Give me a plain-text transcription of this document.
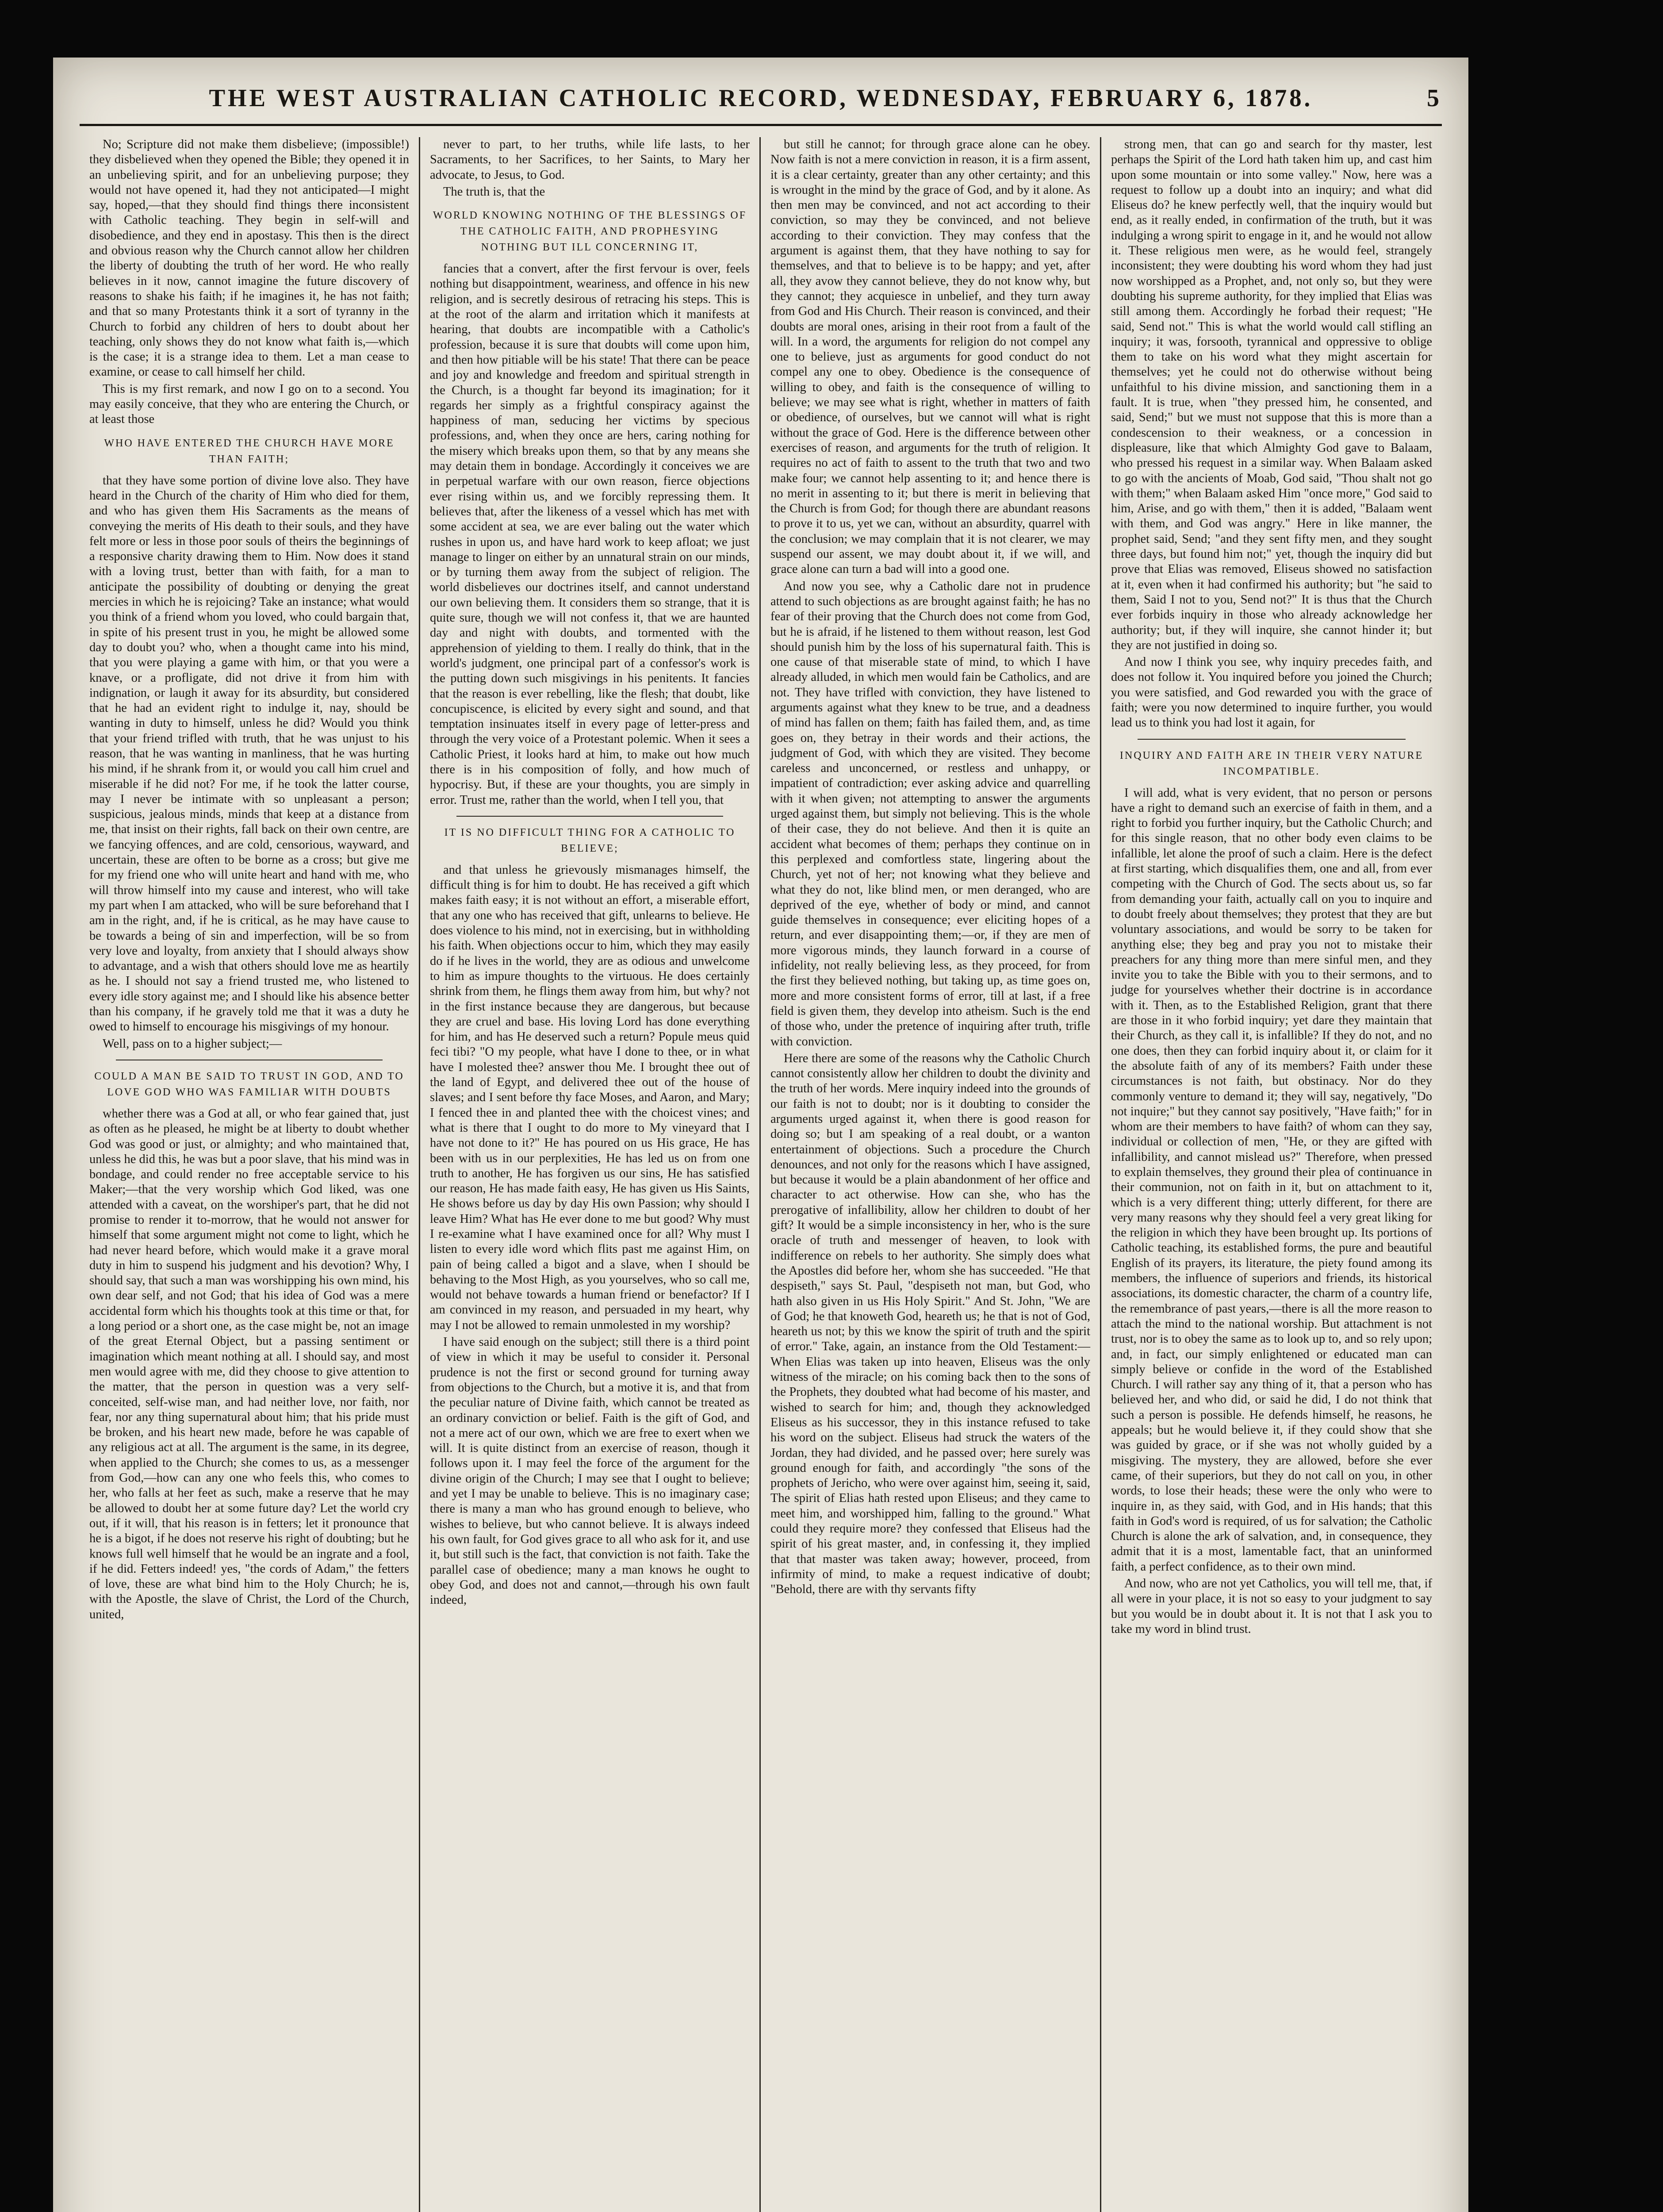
THE WEST AUSTRALIAN CATHOLIC RECORD, WEDNESDAY, FEBRUARY 6, 1878.	5

No; Scripture did not make them disbelieve; (impossible!) they disbelieved when they opened the Bible; they opened it in an unbelieving spirit, and for an unbelieving purpose; they would not have opened it, had they not anticipated—I might say, hoped,—that they should find things there inconsistent with Catholic teaching. They begin in self-will and disobedience, and they end in apostasy. This then is the direct and obvious reason why the Church cannot allow her children the liberty of doubting the truth of her word. He who really believes in it now, cannot imagine the future discovery of reasons to shake his faith; if he imagines it, he has not faith; and that so many Protestants think it a sort of tyranny in the Church to forbid any children of hers to doubt about her teaching, only shows they do not know what faith is,—which is the case; it is a strange idea to them. Let a man cease to examine, or cease to call himself her child.

This is my first remark, and now I go on to a second. You may easily conceive, that they who are entering the Church, or at least those

WHO HAVE ENTERED THE CHURCH HAVE MORE THAN FAITH;

that they have some portion of divine love also. They have heard in the Church of the charity of Him who died for them, and who has given them His Sacraments as the means of conveying the merits of His death to their souls, and they have felt more or less in those poor souls of theirs the beginnings of a responsive charity drawing them to Him. Now does it stand with a loving trust, better than with faith, for a man to anticipate the possibility of doubting or denying the great mercies in which he is rejoicing? Take an instance; what would you think of a friend whom you loved, who could bargain that, in spite of his present trust in you, he might be allowed some day to doubt you? who, when a thought came into his mind, that you were playing a game with him, or that you were a knave, or a profligate, did not drive it from him with indignation, or laugh it away for its absurdity, but considered that he had an evident right to indulge it, nay, should be wanting in duty to himself, unless he did? Would you think that your friend trifled with truth, that he was unjust to his reason, that he was wanting in manliness, that he was hurting his mind, if he shrank from it, or would you call him cruel and miserable if he did not? For me, if he took the latter course, may I never be intimate with so unpleasant a person; suspicious, jealous minds, minds that keep at a distance from me, that insist on their rights, fall back on their own centre, are we fancying offences, and are cold, censorious, wayward, and uncertain, these are often to be borne as a cross; but give me for my friend one who will unite heart and hand with me, who will throw himself into my cause and interest, who will take my part when I am attacked, who will be sure beforehand that I am in the right, and, if he is critical, as he may have cause to be towards a being of sin and imperfection, will be so from very love and loyalty, from anxiety that I should always show to advantage, and a wish that others should love me as heartily as he. I should not say a friend trusted me, who listened to every idle story against me; and I should like his absence better than his company, if he gravely told me that it was a duty he owed to himself to encourage his misgivings of my honour.

Well, pass on to a higher subject;—

COULD A MAN BE SAID TO TRUST IN GOD, AND TO LOVE GOD WHO WAS FAMILIAR WITH DOUBTS

whether there was a God at all, or who fear gained that, just as often as he pleased, he might be at liberty to doubt whether God was good or just, or almighty; and who maintained that, unless he did this, he was but a poor slave, that his mind was in bondage, and could render no free acceptable service to his Maker;—that the very worship which God liked, was one attended with a caveat, on the worshiper's part, that he did not promise to render it to-morrow, that he would not answer for himself that some argument might not come to light, which he had never heard before, which would make it a grave moral duty in him to suspend his judgment and his devotion? Why, I should say, that such a man was worshipping his own mind, his own dear self, and not God; that his idea of God was a mere accidental form which his thoughts took at this time or that, for a long period or a short one, as the case might be, not an image of the great Eternal Object, but a passing sentiment or imagination which meant nothing at all. I should say, and most men would agree with me, did they choose to give attention to the matter, that the person in question was a very self-conceited, self-wise man, and had neither love, nor faith, nor fear, nor any thing supernatural about him; that his pride must be broken, and his heart new made, before he was capable of any religious act at all. The argument is the same, in its degree, when applied to the Church; she comes to us, as a messenger from God,—how can any one who feels this, who comes to her, who falls at her feet as such, make a reserve that he may be allowed to doubt her at some future day? Let the world cry out, if it will, that his reason is in fetters; let it pronounce that he is a bigot, if he does not reserve his right of doubting; but he knows full well himself that he would be an ingrate and a fool, if he did. Fetters indeed! yes, "the cords of Adam," the fetters of love, these are what bind him to the Holy Church; he is, with the Apostle, the slave of Christ, the Lord of the Church, united,

never to part, to her truths, while life lasts, to her Sacraments, to her Sacrifices, to her Saints, to Mary her advocate, to Jesus, to God.

The truth is, that the

WORLD KNOWING NOTHING OF THE BLESSINGS OF THE CATHOLIC FAITH, AND PROPHESYING NOTHING BUT ILL CONCERNING IT,

fancies that a convert, after the first fervour is over, feels nothing but disappointment, weariness, and offence in his new religion, and is secretly desirous of retracing his steps. This is at the root of the alarm and irritation which it manifests at hearing, that doubts are incompatible with a Catholic's profession, because it is sure that doubts will come upon him, and then how pitiable will be his state! That there can be peace and joy and knowledge and freedom and spiritual strength in the Church, is a thought far beyond its imagination; for it regards her simply as a frightful conspiracy against the happiness of man, seducing her victims by specious professions, and, when they once are hers, caring nothing for the misery which breaks upon them, so that by any means she may detain them in bondage. Accordingly it conceives we are in perpetual warfare with our own reason, fierce objections ever rising within us, and we forcibly repressing them. It believes that, after the likeness of a vessel which has met with some accident at sea, we are ever baling out the water which rushes in upon us, and have hard work to keep afloat; we just manage to linger on either by an unnatural strain on our minds, or by turning them away from the subject of religion. The world disbelieves our doctrines itself, and cannot understand our own believing them. It considers them so strange, that it is quite sure, though we will not confess it, that we are haunted day and night with doubts, and tormented with the apprehension of yielding to them. I really do think, that in the world's judgment, one principal part of a confessor's work is the putting down such misgivings in his penitents. It fancies that the reason is ever rebelling, like the flesh; that doubt, like concupiscence, is elicited by every sight and sound, and that temptation insinuates itself in every page of letter-press and through the very voice of a Protestant polemic. When it sees a Catholic Priest, it looks hard at him, to make out how much there is in his composition of folly, and how much of hypocrisy. But, if these are your thoughts, you are simply in error. Trust me, rather than the world, when I tell you, that

IT IS NO DIFFICULT THING FOR A CATHOLIC TO BELIEVE;

and that unless he grievously mismanages himself, the difficult thing is for him to doubt. He has received a gift which makes faith easy; it is not without an effort, a miserable effort, that any one who has received that gift, unlearns to believe. He does violence to his mind, not in exercising, but in withholding his faith. When objections occur to him, which they may easily do if he lives in the world, they are as odious and unwelcome to him as impure thoughts to the virtuous. He does certainly shrink from them, he flings them away from him, but why? not in the first instance because they are dangerous, but because they are cruel and base. His loving Lord has done everything for him, and has He deserved such a return? Popule meus quid feci tibi? "O my people, what have I done to thee, or in what have I molested thee? answer thou Me. I brought thee out of the land of Egypt, and delivered thee out of the house of slaves; and I sent before thy face Moses, and Aaron, and Mary; I fenced thee in and planted thee with the choicest vines; and what is there that I ought to do more to My vineyard that I have not done to it?" He has poured on us His grace, He has been with us in our perplexities, He has led us on from one truth to another, He has forgiven us our sins, He has satisfied our reason, He has made faith easy, He has given us His Saints, He shows before us day by day His own Passion; why should I leave Him? What has He ever done to me but good? Why must I re-examine what I have examined once for all? Why must I listen to every idle word which flits past me against Him, on pain of being called a bigot and a slave, when I should be behaving to the Most High, as you yourselves, who so call me, would not behave towards a human friend or benefactor? If I am convinced in my reason, and persuaded in my heart, why may I not be allowed to remain unmolested in my worship?

I have said enough on the subject; still there is a third point of view in which it may be useful to consider it. Personal prudence is not the first or second ground for turning away from objections to the Church, but a motive it is, and that from the peculiar nature of Divine faith, which cannot be treated as an ordinary conviction or belief. Faith is the gift of God, and not a mere act of our own, which we are free to exert when we will. It is quite distinct from an exercise of reason, though it follows upon it. I may feel the force of the argument for the divine origin of the Church; I may see that I ought to believe; and yet I may be unable to believe. This is no imaginary case; there is many a man who has ground enough to believe, who wishes to believe, but who cannot believe. It is always indeed his own fault, for God gives grace to all who ask for it, and use it, but still such is the fact, that conviction is not faith. Take the parallel case of obedience; many a man knows he ought to obey God, and does not and cannot,—through his own fault indeed,

but still he cannot; for through grace alone can he obey. Now faith is not a mere conviction in reason, it is a firm assent, it is a clear certainty, greater than any other certainty; and this is wrought in the mind by the grace of God, and by it alone. As then men may be convinced, and not act according to their conviction, so may they be convinced, and not believe according to their conviction. They may confess that the argument is against them, that they have nothing to say for themselves, and that to believe is to be happy; and yet, after all, they avow they cannot believe, they do not know why, but they cannot; they acquiesce in unbelief, and they turn away from God and His Church. Their reason is convinced, and their doubts are moral ones, arising in their root from a fault of the will. In a word, the arguments for religion do not compel any one to believe, just as arguments for good conduct do not compel any one to obey. Obedience is the consequence of willing to obey, and faith is the consequence of willing to believe; we may see what is right, whether in matters of faith or obedience, of ourselves, but we cannot will what is right without the grace of God. Here is the difference between other exercises of reason, and arguments for the truth of religion. It requires no act of faith to assent to the truth that two and two make four; we cannot help assenting to it; and hence there is no merit in assenting to it; but there is merit in believing that the Church is from God; for though there are abundant reasons to prove it to us, yet we can, without an absurdity, quarrel with the conclusion; we may complain that it is not clearer, we may suspend our assent, we may doubt about it, if we will, and grace alone can turn a bad will into a good one.

And now you see, why a Catholic dare not in prudence attend to such objections as are brought against faith; he has no fear of their proving that the Church does not come from God, but he is afraid, if he listened to them without reason, lest God should punish him by the loss of his supernatural faith. This is one cause of that miserable state of mind, to which I have already alluded, in which men would fain be Catholics, and are not. They have trifled with conviction, they have listened to arguments against what they knew to be true, and a deadness of mind has fallen on them; faith has failed them, and, as time goes on, they betray in their words and their actions, the judgment of God, with which they are visited. They become careless and unconcerned, or restless and unhappy, or impatient of contradiction; ever asking advice and quarrelling with it when given; not attempting to answer the arguments urged against them, but simply not believing. This is the whole of their case, they do not believe. And then it is quite an accident what becomes of them; perhaps they continue on in this perplexed and comfortless state, lingering about the Church, yet not of her; not knowing what they believe and what they do not, like blind men, or men deranged, who are deprived of the eye, whether of body or mind, and cannot guide themselves in consequence; ever eliciting hopes of a return, and ever disappointing them;—or, if they are men of more vigorous minds, they launch forward in a course of infidelity, not really believing less, as they proceed, for from the first they believed nothing, but taking up, as time goes on, more and more consistent forms of error, till at last, if a free field is given them, they develop into atheism. Such is the end of those who, under the pretence of inquiring after truth, trifle with conviction.

Here there are some of the reasons why the Catholic Church cannot consistently allow her children to doubt the divinity and the truth of her words. Mere inquiry indeed into the grounds of our faith is not to doubt; nor is it doubting to consider the arguments urged against it, when there is good reason for doing so; but I am speaking of a real doubt, or a wanton entertainment of objections. Such a procedure the Church denounces, and not only for the reasons which I have assigned, but because it would be a plain abandonment of her office and character to act otherwise. How can she, who has the prerogative of infallibility, allow her children to doubt of her gift? It would be a simple inconsistency in her, who is the sure oracle of truth and messenger of heaven, to look with indifference on rebels to her authority. She simply does what the Apostles did before her, whom she has succeeded. "He that despiseth," says St. Paul, "despiseth not man, but God, who hath also given in us His Holy Spirit." And St. John, "We are of God; he that knoweth God, heareth us; he that is not of God, heareth us not; by this we know the spirit of truth and the spirit of error." Take, again, an instance from the Old Testament:—When Elias was taken up into heaven, Eliseus was the only witness of the miracle; on his coming back then to the sons of the Prophets, they doubted what had become of his master, and wished to search for him; and, though they acknowledged Eliseus as his successor, they in this instance refused to take his word on the subject. Eliseus had struck the waters of the Jordan, they had divided, and he passed over; here surely was ground enough for faith, and accordingly "the sons of the prophets of Jericho, who were over against him, seeing it, said, The spirit of Elias hath rested upon Eliseus; and they came to meet him, and worshipped him, falling to the ground." What could they require more? they confessed that Eliseus had the spirit of his great master, and, in confessing it, they implied that that master was taken away; however, proceed, from infirmity of mind, to make a request indicative of doubt; "Behold, there are with thy servants fifty

strong men, that can go and search for thy master, lest perhaps the Spirit of the Lord hath taken him up, and cast him upon some mountain or into some valley." Now, here was a request to follow up a doubt into an inquiry; and what did Eliseus do? he knew perfectly well, that the inquiry would but end, as it really ended, in confirmation of the truth, but it was indulging a wrong spirit to engage in it, and he would not allow it. These religious men were, as he would feel, strangely inconsistent; they were doubting his word whom they had just now worshipped as a Prophet, and, not only so, but they were doubting his supreme authority, for they implied that Elias was still among them. Accordingly he forbad their request; "He said, Send not." This is what the world would call stifling an inquiry; it was, forsooth, tyrannical and oppressive to oblige them to take on his word what they might ascertain for themselves; yet he could not do otherwise without being unfaithful to his divine mission, and sanctioning them in a fault. It is true, when "they pressed him, he consented, and said, Send;" but we must not suppose that this is more than a condescension to their weakness, or a concession in displeasure, like that which Almighty God gave to Balaam, who pressed his request in a similar way. When Balaam asked to go with the ancients of Moab, God said, "Thou shalt not go with them;" when Balaam asked Him "once more," God said to him, Arise, and go with them," then it is added, "Balaam went with them, and God was angry." Here in like manner, the prophet said, Send; "and they sent fifty men, and they sought three days, but found him not;" yet, though the inquiry did but prove that Elias was removed, Eliseus showed no satisfaction at it, even when it had confirmed his authority; but "he said to them, Said I not to you, Send not?" It is thus that the Church ever forbids inquiry in those who already acknowledge her authority; but, if they will inquire, she cannot hinder it; but they are not justified in doing so.

And now I think you see, why inquiry precedes faith, and does not follow it. You inquired before you joined the Church; you were satisfied, and God rewarded you with the grace of faith; were you now determined to inquire further, you would lead us to think you had lost it again, for

INQUIRY AND FAITH ARE IN THEIR VERY NATURE INCOMPATIBLE.

I will add, what is very evident, that no person or persons have a right to demand such an exercise of faith in them, and a right to forbid you further inquiry, but the Catholic Church; and for this single reason, that no other body even claims to be infallible, let alone the proof of such a claim. Here is the defect at first starting, which disqualifies them, one and all, from ever competing with the Church of God. The sects about us, so far from demanding your faith, actually call on you to inquire and to doubt freely about themselves; they protest that they are but voluntary associations, and would be sorry to be taken for anything else; they beg and pray you not to mistake their preachers for any thing more than mere sinful men, and they invite you to take the Bible with you to their sermons, and to judge for yourselves whether their doctrine is in accordance with it. Then, as to the Established Religion, grant that there are those in it who forbid inquiry; yet dare they maintain that their Church, as they call it, is infallible? If they do not, and no one does, then they can forbid inquiry about it, or claim for it the absolute faith of any of its members? Faith under these circumstances is not faith, but obstinacy. Nor do they commonly venture to demand it; they will say, negatively, "Do not inquire;" but they cannot say positively, "Have faith;" for in whom are their members to have faith? of whom can they say, individual or collection of men, "He, or they are gifted with infallibility, and cannot mislead us?" Therefore, when pressed to explain themselves, they ground their plea of continuance in their communion, not on faith in it, but on attachment to it, which is a very different thing; utterly different, for there are very many reasons why they should feel a very great liking for the religion in which they have been brought up. Its portions of Catholic teaching, its established forms, the pure and beautiful English of its prayers, its literature, the piety found among its members, the influence of superiors and friends, its historical associations, its domestic character, the charm of a country life, the remembrance of past years,—there is all the more reason to attach the mind to the national worship. But attachment is not trust, nor is to obey the same as to look up to, and so rely upon; and, in fact, our simply enlightened or educated man can simply believe or confide in the word of the Established Church. I will rather say any thing of it, that a person who has believed her, and who did, or said he did, I do not think that such a person is possible. He defends himself, he reasons, he appeals; but he would believe it, if they could show that she was guided by grace, or if she was not wholly guided by a misgiving. The mystery, they are allowed, before she ever came, of their superiors, but they do not call on you, in other words, to lose their heads; these were the only who were to inquire in, as they said, with God, and in His hands; that this faith in God's word is required, of us for salvation; the Catholic Church is alone the ark of salvation, and, in consequence, they admit that it is a most, lamentable fact, that an uninformed faith, a perfect confidence, as to their own mind.

And now, who are not yet Catholics, you will tell me, that, if all were in your place, it is not so easy to your judgment to say but you would be in doubt about it. It is not that I ask you to take my word in blind trust.
